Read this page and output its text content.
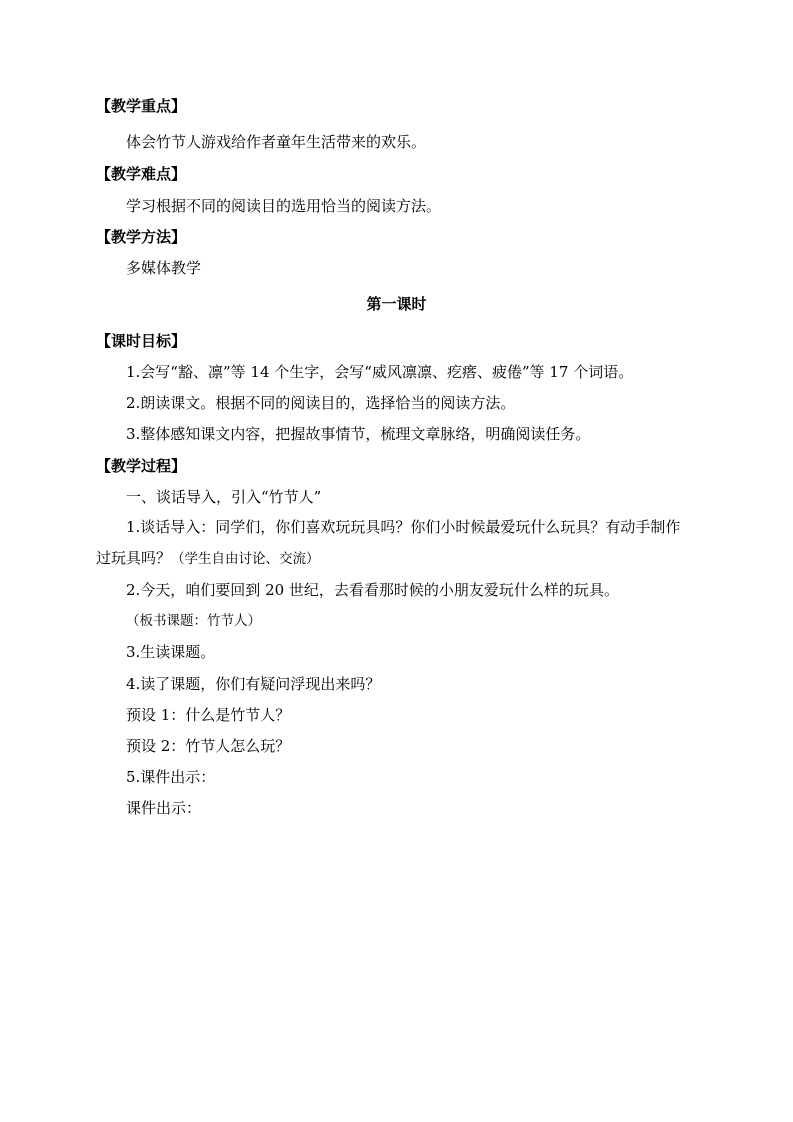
【教学重点】
体会竹节人游戏给作者童年生活带来的欢乐。
【教学难点】
学习根据不同的阅读目的选用恰当的阅读方法。
【教学方法】
多媒体教学
第一课时
【课时目标】
1.会写“豁、凛”等 14 个生字，会写“威风凛凛、疙瘩、疲倦”等 17 个词语。
2.朗读课文。根据不同的阅读目的，选择恰当的阅读方法。
3.整体感知课文内容，把握故事情节，梳理文章脉络，明确阅读任务。
【教学过程】
一、谈话导入，引入“竹节人”
1.谈话导入：同学们，你们喜欢玩玩具吗？你们小时候最爱玩什么玩具？有动手制作
过玩具吗？（学生自由讨论、交流）
2.今天，咱们要回到 20 世纪，去看看那时候的小朋友爱玩什么样的玩具。
（板书课题：竹节人）
3.生读课题。
4.读了课题，你们有疑问浮现出来吗？
预设 1：什么是竹节人？
预设 2：竹节人怎么玩？
5.课件出示：
课件出示：
